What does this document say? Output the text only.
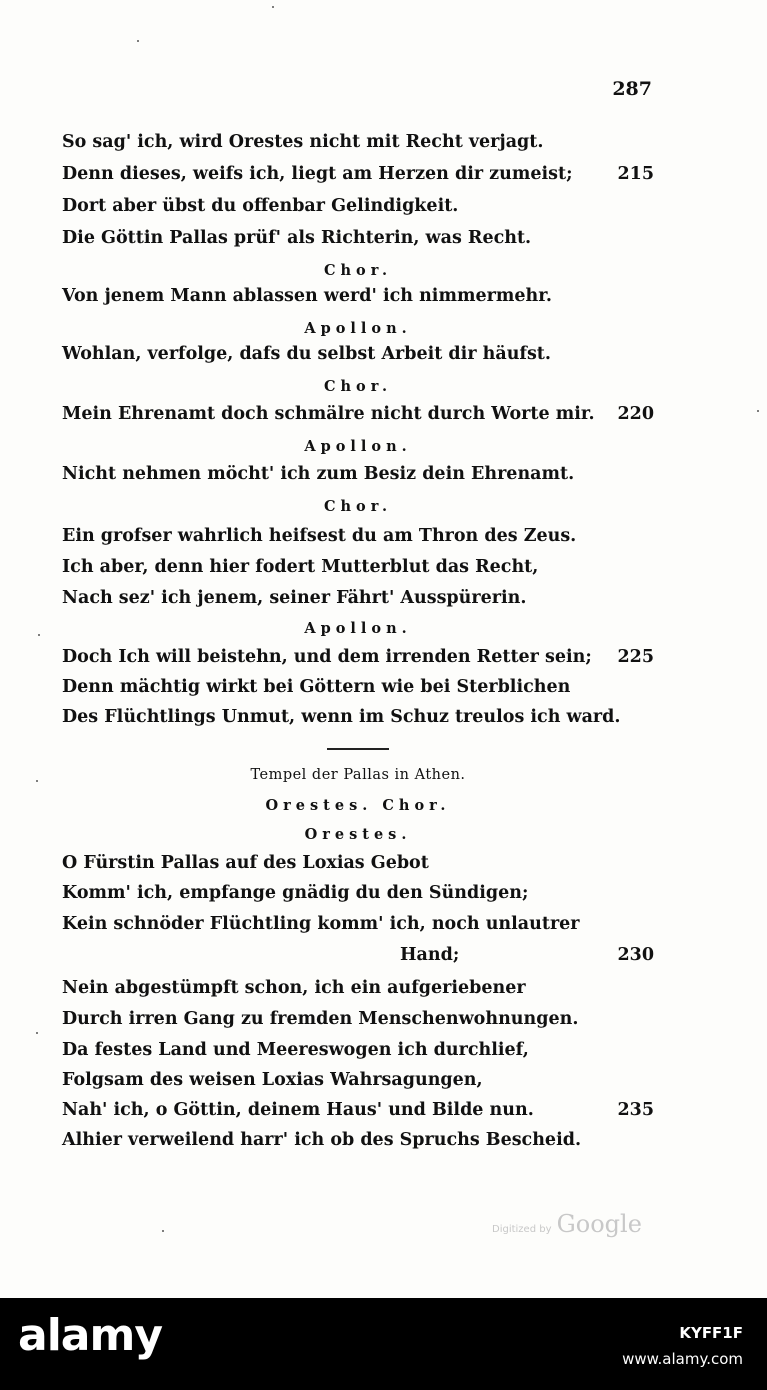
287
So sag' ich, wird Orestes nicht mit Recht verjagt.
Denn dieses, weifs ich, liegt am Herzen dir zumeist;	215
Dort aber übst du offenbar Gelindigkeit.
Die Göttin Pallas prüf' als Richterin, was Recht.
Chor.
Von jenem Mann ablassen werd' ich nimmermehr.
Apollon.
Wohlan, verfolge, dafs du selbst Arbeit dir häufst.
Chor.
Mein Ehrenamt doch schmälre nicht durch Worte mir. 220
Apollon.
Nicht nehmen möcht' ich zum Besiz dein Ehrenamt.
Chor.
Ein grofser wahrlich heifsest du am Thron des Zeus.
Ich aber, denn hier fodert Mutterblut das Recht,
Nach sez' ich jenem, seiner Fährt' Ausspürerin.
Apollon.
Doch Ich will beistehn, und dem irrenden Retter sein; 225
Denn mächtig wirkt bei Göttern wie bei Sterblichen
Des Flüchtlings Unmut, wenn im Schuz treulos ich ward.
Tempel der Pallas in Athen.
Orestes. Chor.
Orestes.
O Fürstin Pallas auf des Loxias Gebot
Komm' ich, empfange gnädig du den Sündigen;
Kein schnöder Flüchtling komm' ich, noch unlautrer
Hand;	230
Nein abgestümpft schon, ich ein aufgeriebener
Durch irren Gang zu fremden Menschenwohnungen.
Da festes Land und Meereswogen ich durchlief,
Folgsam des weisen Loxias Wahrsagungen,
Nah' ich, o Göttin, deinem Haus' und Bilde nun.	235
Alhier verweilend harr' ich ob des Spruchs Bescheid.
Digitized by Google
alamy	KYFF1F
www.alamy.com
